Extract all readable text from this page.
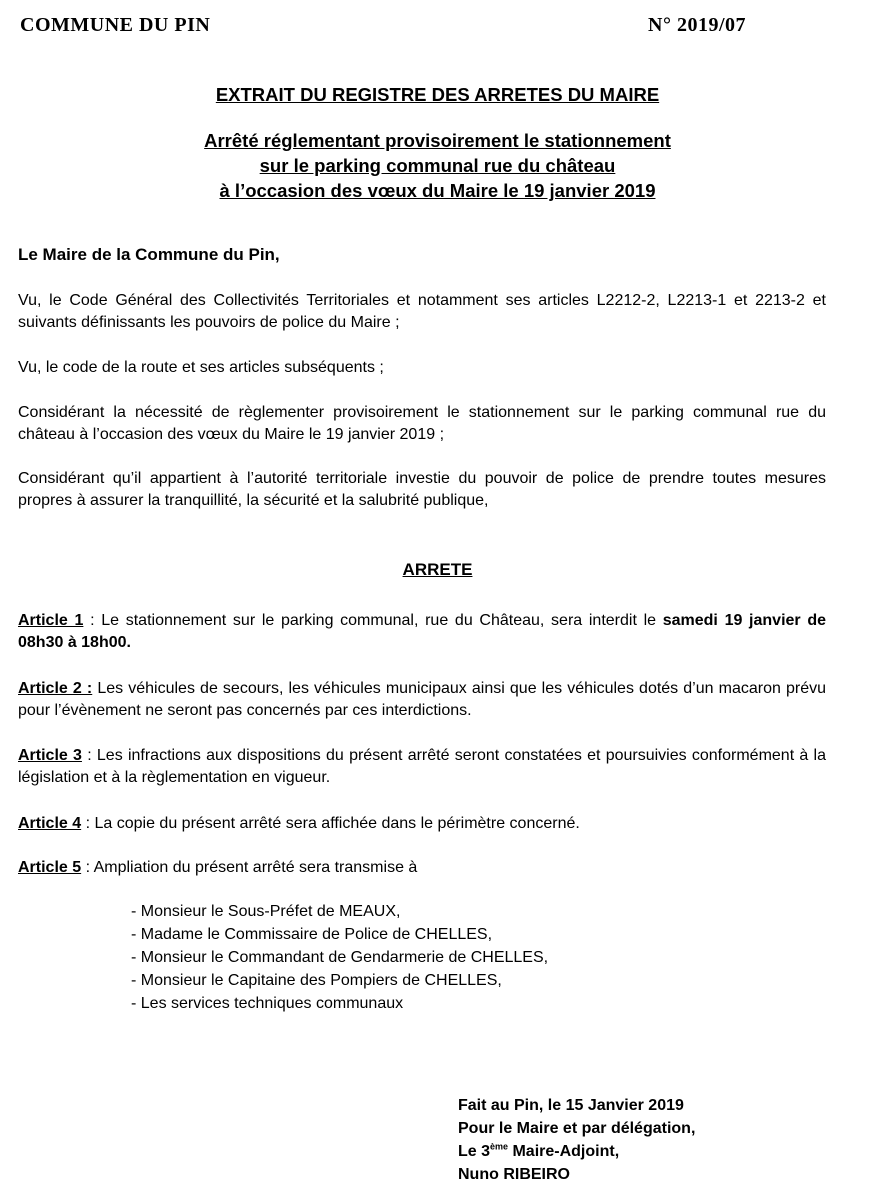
COMMUNE DU PIN	N° 2019/07
EXTRAIT DU REGISTRE DES ARRETES DU MAIRE
Arrêté réglementant provisoirement le stationnement
sur le parking communal rue du château
à l’occasion des vœux du Maire le 19 janvier 2019
Le Maire de la Commune du Pin,
Vu, le Code Général des Collectivités Territoriales et notamment ses articles L2212-2, L2213-1 et 2213-2 et suivants définissants les pouvoirs de police du Maire ;
Vu, le code de la route et ses articles subséquents ;
Considérant la nécessité de règlementer provisoirement le stationnement sur le parking communal rue du château à l’occasion des vœux du Maire le 19 janvier 2019 ;
Considérant qu’il appartient à l’autorité territoriale investie du pouvoir de police de prendre toutes mesures propres à assurer la tranquillité, la sécurité et la salubrité publique,
ARRETE
Article 1 : Le stationnement sur le parking communal, rue du Château, sera interdit le samedi 19 janvier de 08h30 à 18h00.
Article 2 : Les véhicules de secours, les véhicules municipaux ainsi que les véhicules dotés d’un macaron prévu pour l’évènement ne seront pas concernés par ces interdictions.
Article 3 : Les infractions aux dispositions du présent arrêté seront constatées et poursuivies conformément à la législation et à la règlementation en vigueur.
Article 4 : La copie du présent arrêté sera affichée dans le périmètre concerné.
Article 5 : Ampliation du présent arrêté sera transmise à
- Monsieur le Sous-Préfet de MEAUX,
- Madame le Commissaire de Police de CHELLES,
- Monsieur le Commandant de Gendarmerie de CHELLES,
- Monsieur le Capitaine des Pompiers de CHELLES,
- Les services techniques communaux
Fait au Pin, le 15 Janvier 2019
Pour le Maire et par délégation,
Le 3ème Maire-Adjoint,
Nuno RIBEIRO
